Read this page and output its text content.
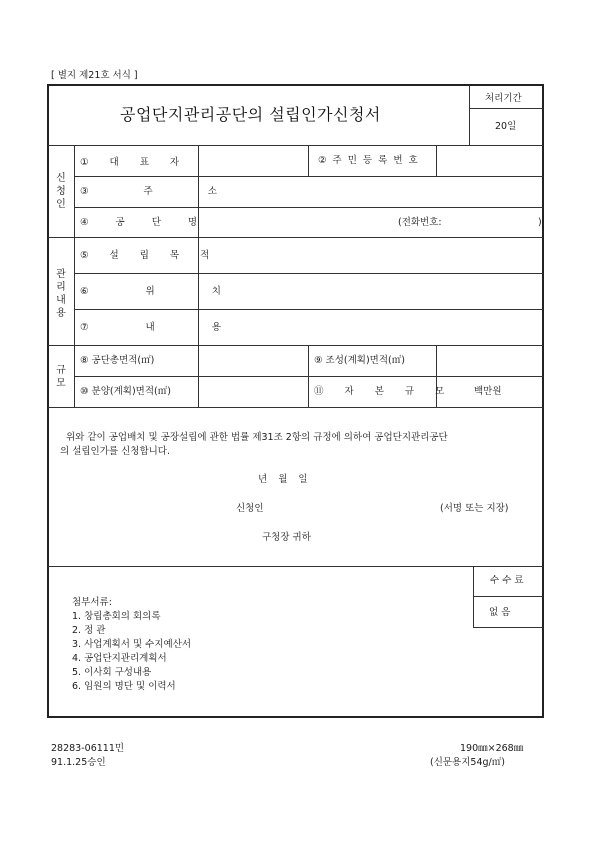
[ 별지 제21호 서식 ]
공업단지관리공단의 설립인가신청서
처리기간
20일
신청인
① 대 표 자	② 주 민 등 록 번 호
③ 주 소
④ 공 단 명	(전화번호:	)
관리내용
⑤ 설 립 목 적
⑥ 위 치
⑦ 내 용
규모
⑧ 공단총면적(㎡)	⑨ 조성(계획)면적(㎡)
⑩ 분양(계획)면적(㎡)	⑪ 자 본 규 모 백만원
위와 같이 공업배치 및 공장설립에 관한 법률 제31조 2항의 규정에 의하여 공업단지관리공단
의 설립인가를 신청합니다.
년 월 일
신청인	(서명 또는 지장)
구청장 귀하
수 수 료
없 음
첨부서류:
1. 창립총회의 회의록
2. 정 관
3. 사업계획서 및 수지예산서
4. 공업단지관리계획서
5. 이사회 구성내용
6. 임원의 명단 및 이력서
28283-06111민
91.1.25승인
190㎜×268㎜
(신문용지54g/㎡)
